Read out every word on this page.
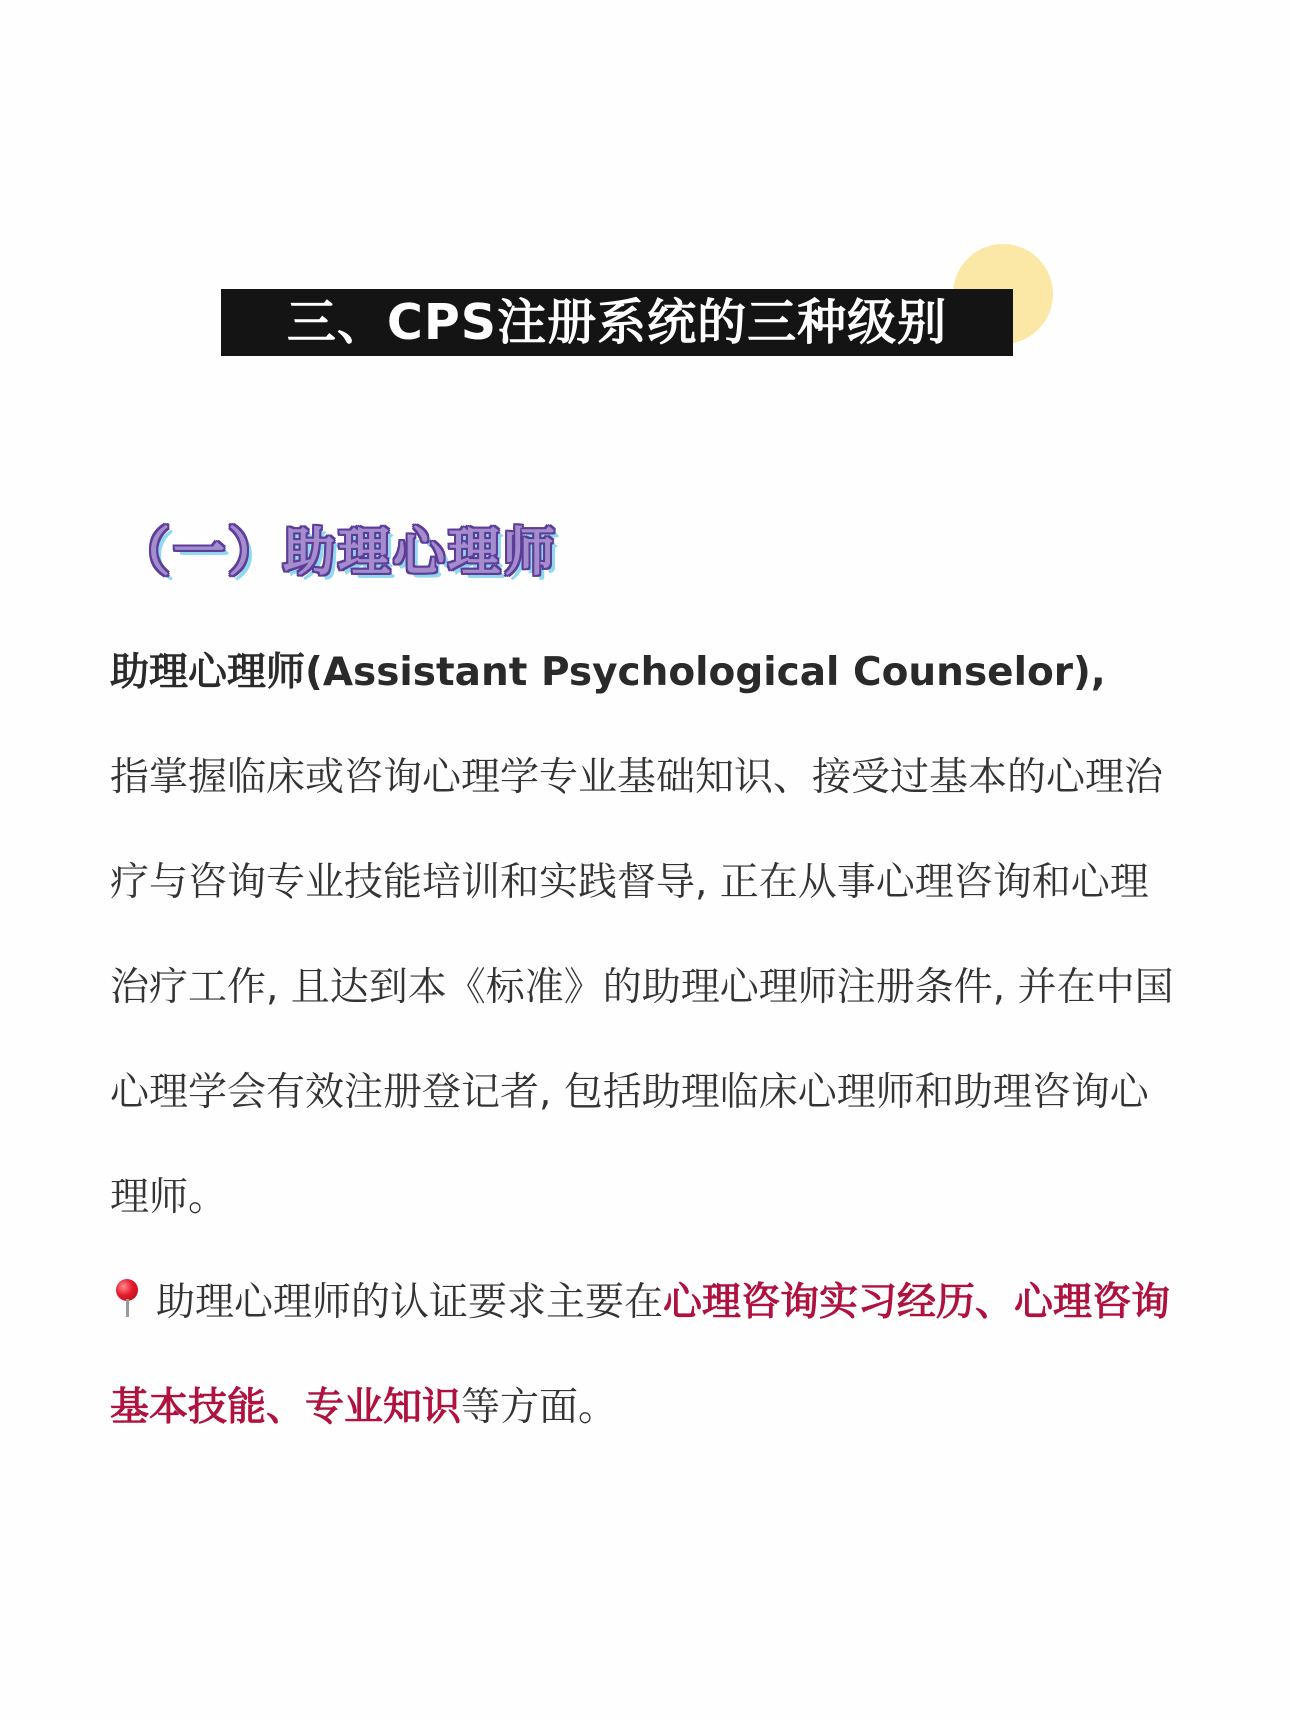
三、CPS注册系统的三种级别
（一）助理心理师

助理心理师(Assistant Psychological Counselor),
指掌握临床或咨询心理学专业基础知识、接受过基本的心理治疗与咨询专业技能培训和实践督导, 正在从事心理咨询和心理治疗工作, 且达到本《标准》的助理心理师注册条件, 并在中国心理学会有效注册登记者, 包括助理临床心理师和助理咨询心理师。

助理心理师的认证要求主要在心理咨询实习经历、心理咨询基本技能、专业知识等方面。
